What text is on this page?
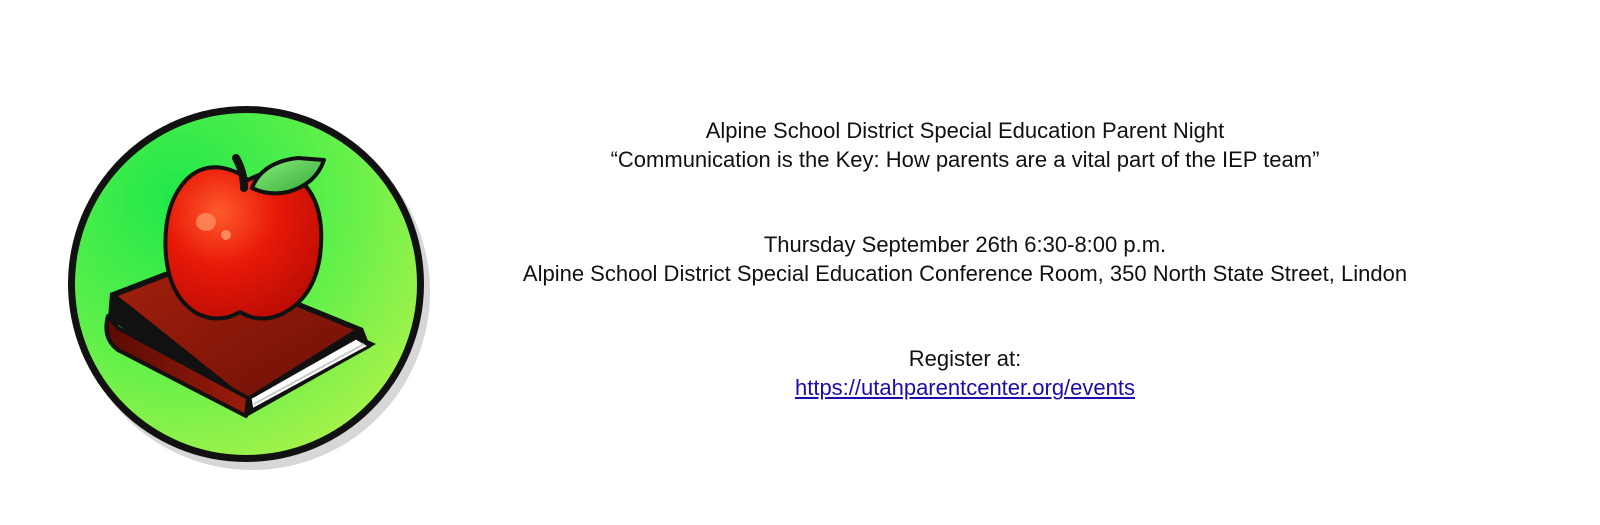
Alpine School District Special Education Parent Night
“Communication is the Key: How parents are a vital part of the IEP team”
Thursday September 26th 6:30-8:00 p.m.
Alpine School District Special Education Conference Room, 350 North State Street, Lindon
Register at:
https://utahparentcenter.org/events
